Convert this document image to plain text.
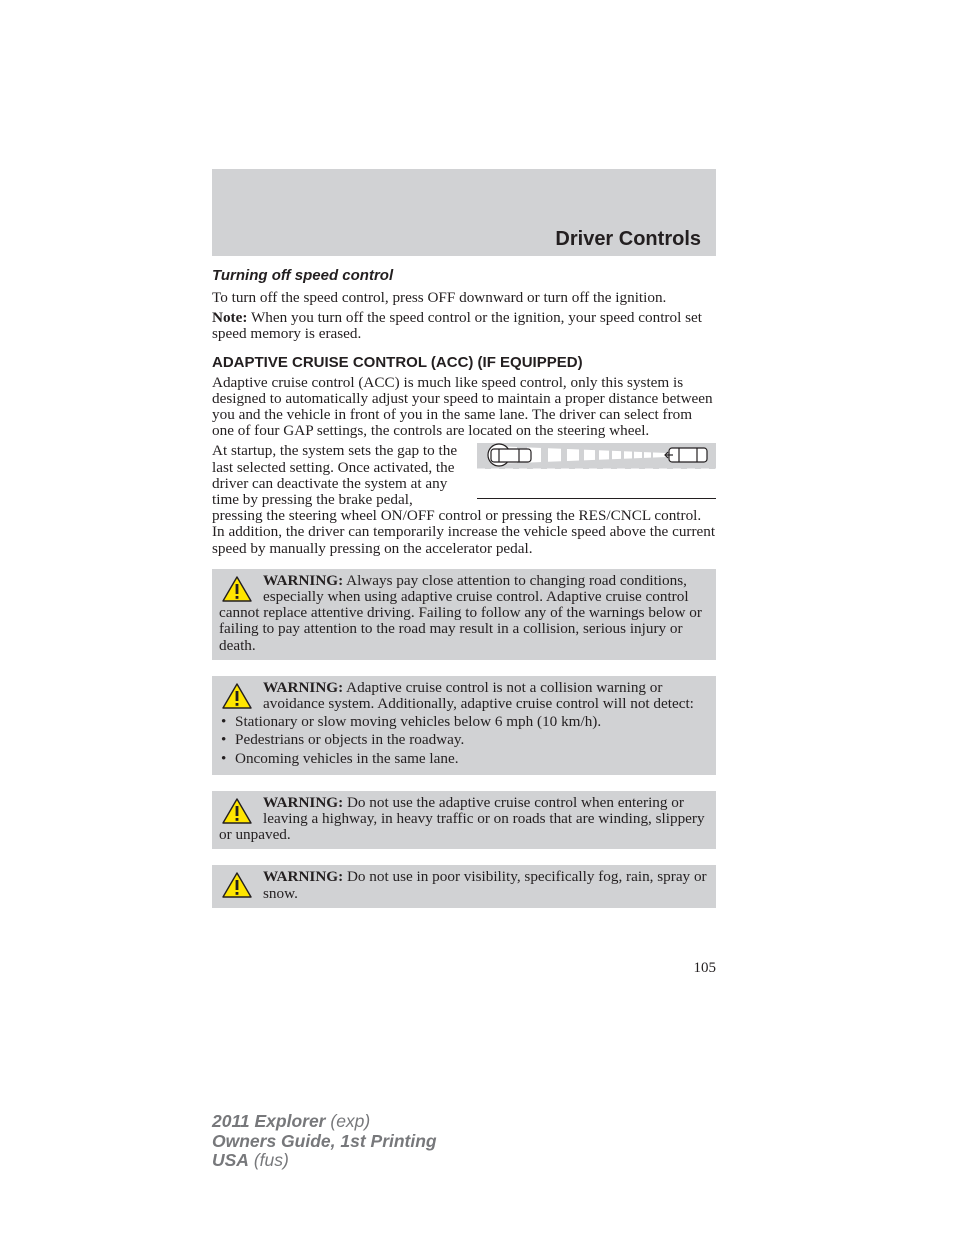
Driver Controls
Turning off speed control

To turn off the speed control, press OFF downward or turn off the ignition.

Note: When you turn off the speed control or the ignition, your speed control set speed memory is erased.

ADAPTIVE CRUISE CONTROL (ACC) (IF EQUIPPED)

Adaptive cruise control (ACC) is much like speed control, only this system is designed to automatically adjust your speed to maintain a proper distance between you and the vehicle in front of you in the same lane. The driver can select from one of four GAP settings, the controls are located on the steering wheel.

At startup, the system sets the gap to the last selected setting. Once activated, the driver can deactivate the system at any time by pressing the brake pedal, pressing the steering wheel ON/OFF control or pressing the RES/CNCL control. In addition, the driver can temporarily increase the vehicle speed above the current speed by manually pressing on the accelerator pedal.

WARNING: Always pay close attention to changing road conditions, especially when using adaptive cruise control. Adaptive cruise control cannot replace attentive driving. Failing to follow any of the warnings below or failing to pay attention to the road may result in a collision, serious injury or death.
WARNING: Adaptive cruise control is not a collision warning or avoidance system. Additionally, adaptive cruise control will not detect:
• Stationary or slow moving vehicles below 6 mph (10 km/h).
• Pedestrians or objects in the roadway.
• Oncoming vehicles in the same lane.
WARNING: Do not use the adaptive cruise control when entering or leaving a highway, in heavy traffic or on roads that are winding, slippery or unpaved.
WARNING: Do not use in poor visibility, specifically fog, rain, spray or snow.
105
2011 Explorer (exp)
Owners Guide, 1st Printing
USA (fus)
